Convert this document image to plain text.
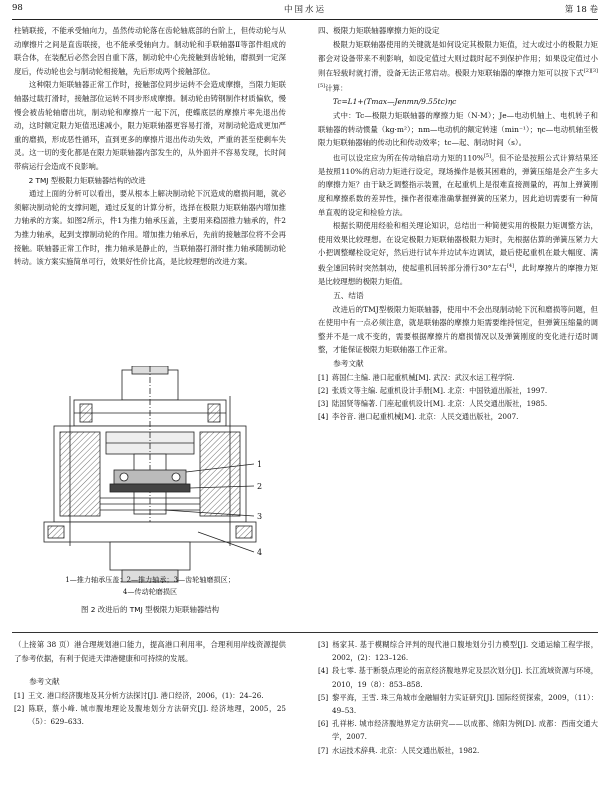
98	中国水运	第 18 卷

柱销联接，不能承受轴向力，虽然传动轮落在齿轮轴底部的台阶上，但传动轮与从动摩擦片之间是直齿联接，也不能承受轴向力。制动轮和手联轴器Ⅱ等部件组成的联合体，在装配后必然会因自重下落，制动轮中心先接触到齿轮轴，磨损到一定深度后，传动轮也会与制动轮相接触，先后形成两个接触部位。

这种限力矩联轴器正常工作时，接触部位同步运转不会造成摩擦，当限力矩联轴器过载打滑时，接触部位运转不同步形成摩擦。制动轮由铸钢制作材质偏软，慢慢会被齿轮轴磨出坑，制动轮和摩擦片一起下沉，使蝶底层的摩擦片率先退出传动，这时额定限力矩值迅速减小，限力矩联轴器更容易打滑，对制动轮造成更加严重的磨损，形成恶性循环，直到更多的摩擦片退出传动失效，严重的甚至使剩车失灵。这一切的变化都是在限力矩联轴器内部发生的，从外面并不容易发现，长时间带病运行会造成不良影响。

2 TMJ 型极限力矩联轴器结构的改进

通过上面的分析可以看出，要从根本上解决制动轮下沉造成的磨损问题，就必须解决制动轮的支撑问题，通过反复的计算分析，选择在极限力矩联轴器内增加推力轴承的方案。如图2所示，件1为推力轴承压盖，主要用来稳固推力轴承的，件2为推力轴承，起到支撑制动轮的作用。增加推力轴承后，先前的接触部位将不会再接触。联轴器正常工作时，推力轴承是静止的，当联轴器打滑时推力轴承随制动轮转动。该方案实施简单可行，效果好性价比高，是比较理想的改进方案。

1
2
3
4
1—推力轴承压盖；2—推力轴承；3—齿轮轴磨损区；
4—传动轮磨损区
图 2 改进后的 TMJ 型极限力矩联轴器结构

四、极限力矩联轴器摩擦力矩的设定

极限力矩联轴器使用的关键就是如何设定其极限力矩值，过大或过小的极限力矩都会对设备带来不利影响，如设定值过大则过载时起不到保护作用；如果设定值过小则在轻载时就打滑，设备无法正常启动。极限力矩联轴器的摩擦力矩可以按下式[2][3][5]计算：

Tc=L1+(Tmax—Jenmn/9.55tc)ηc

式中：Tc—极限力矩联轴器的摩擦力矩（N·M）；Je—电动机轴上、电机转子和联轴器的转动惯量（kg·m²）；nm—电动机的额定转速（min⁻¹）；ηc—电动机轴至极限力矩联轴器轴的传动比和传动效率；tc—起、制动时间（s）。

也可以设定应为所在传动轴启动力矩的110%[5]。但不论是按照公式计算结果还是按照110%的启动力矩进行设定，现场操作是极其困难的，弹簧压缩是会产生多大的摩擦力矩？由于缺乏调整指示装置，在起重机上是很难直接测量的，再加上弹簧刚度和摩擦系数的差异性，操作者很难准确掌握弹簧的压紧力，因此迫切需要有一种简单直观的设定和检验方法。

根据长期使用经验和相关理论知识，总结出一种简便实用的极限力矩调整方法，使用效果比较理想。在设定极限力矩联轴器极限力矩时，先根据估算的弹簧压紧力大小把调整螺栓设定好，然后进行试车并边试车边调试，最后使起重机在最大幅度、满载全速回转时突然制动，使起重机回转部分滑行30°左右[4]，此时摩擦片的摩擦力矩是比较理想的极限力矩值。

五、结语

改进后的TMJ型极限力矩联轴器，使用中不会出现制动轮下沉和磨损等问题，但在使用中有一点必须注意，就是联轴器的摩擦力矩需要维持恒定，但弹簧压缩量的调整并不是一成不变的，需要根据摩擦片的磨损情况以及弹簧刚度的变化进行适时调整，才能保证极限力矩联轴器工作正常。

参考文献

[1] 蒋国仁主编. 港口起重机械[M]. 武汉：武汉水运工程学院.

[2] 张质文等主编. 起重机设计手册[M]. 北京：中国铁道出版社，1997.

[3] 陆国贤等编著. 门座起重机设计[M]. 北京：人民交通出版社，1985.

[4] 李谷音. 港口起重机械[M]. 北京：人民交通出版社，2007.

（上接第 38 页）港合理规划港口能力，提高港口利用率，合理利用岸线资源提供了参考依据，有利于促进天津港健康和可持续的发展。

参考文献

[1] 王文. 港口经济腹地及其分析方法探讨[J]. 港口经济，2006，(1)：24–26.

[2] 陈联，蔡小峰. 城市腹地理论及腹地划分方法研究[J]. 经济地理，2005，25（5）：629–633.

[3] 杨家其. 基于模糊综合评判的现代港口腹地划分引力模型[J]. 交通运输工程学报，2002，(2)：123–126.

[4] 段七零. 基于断裂点理论的南京经济腹地界定及层次划分[J]. 长江流域资源与环境，2010，19（8）：853–858.

[5] 黎平海，王雪. 珠三角城市金融辐射力实证研究[J]. 国际经贸探索，2009，（11）：49–53.

[6] 孔祥彬. 城市经济腹地界定方法研究——以成都、绵阳为例[D]. 成都：西南交通大学，2007.

[7] 水运技术辞典. 北京：人民交通出版社，1982.
